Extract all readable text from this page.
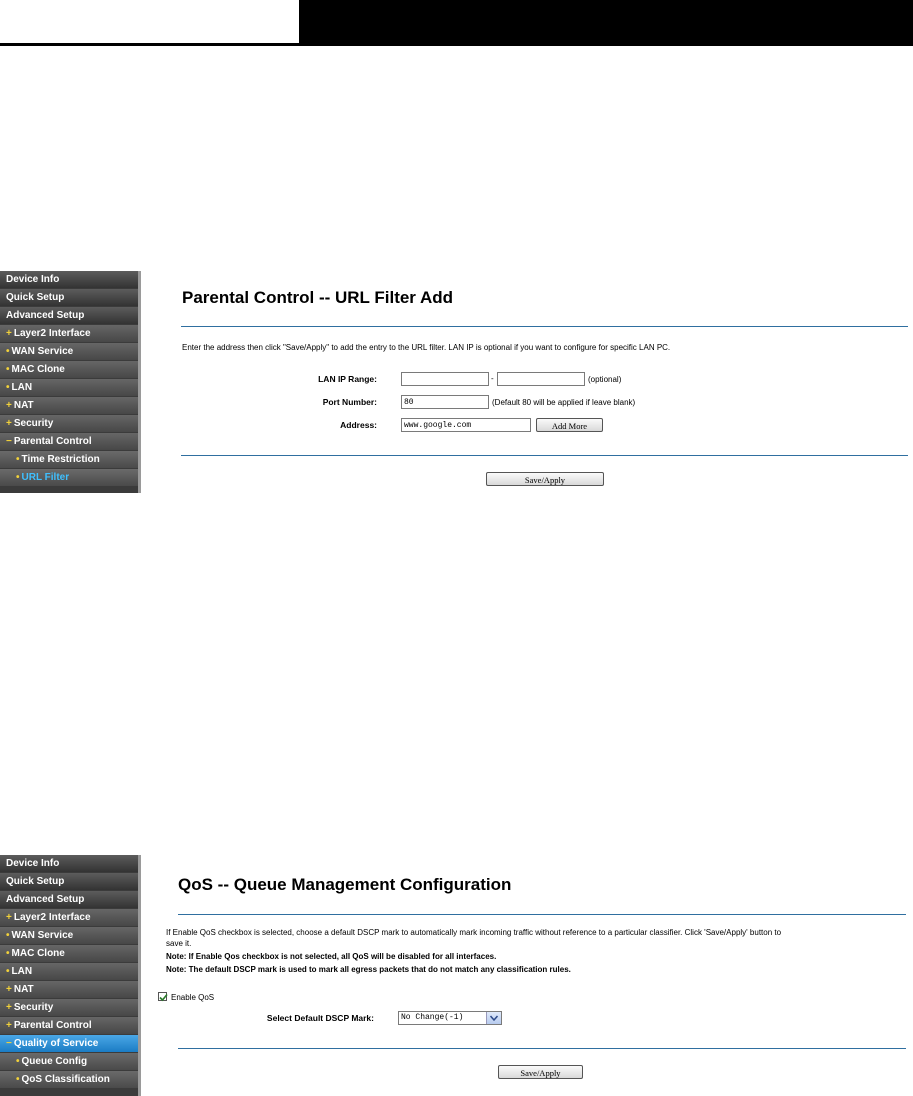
Device Info
Quick Setup
Advanced Setup
+ Layer2 Interface
• WAN Service
• MAC Clone
• LAN
+ NAT
+ Security
− Parental Control
• Time Restriction
• URL Filter
Parental Control -- URL Filter Add
Enter the address then click "Save/Apply" to add the entry to the URL filter. LAN IP is optional if you want to configure for specific LAN PC.
LAN IP Range:	-	(optional)
Port Number:
80	(Default 80 will be applied if leave blank)
Address:
www.google.com	Add More
Save/Apply
Device Info
Quick Setup
Advanced Setup
+ Layer2 Interface
• WAN Service
• MAC Clone
• LAN
+ NAT
+ Security
+ Parental Control
− Quality of Service
• Queue Config
• QoS Classification
QoS -- Queue Management Configuration
If Enable QoS checkbox is selected, choose a default DSCP mark to automatically mark incoming traffic without reference to a particular classifier. Click 'Save/Apply' button to
save it.
Note: If Enable Qos checkbox is not selected, all QoS will be disabled for all interfaces.
Note: The default DSCP mark is used to mark all egress packets that do not match any classification rules.
Enable QoS
Select Default DSCP Mark:	No Change(-1)
Save/Apply
